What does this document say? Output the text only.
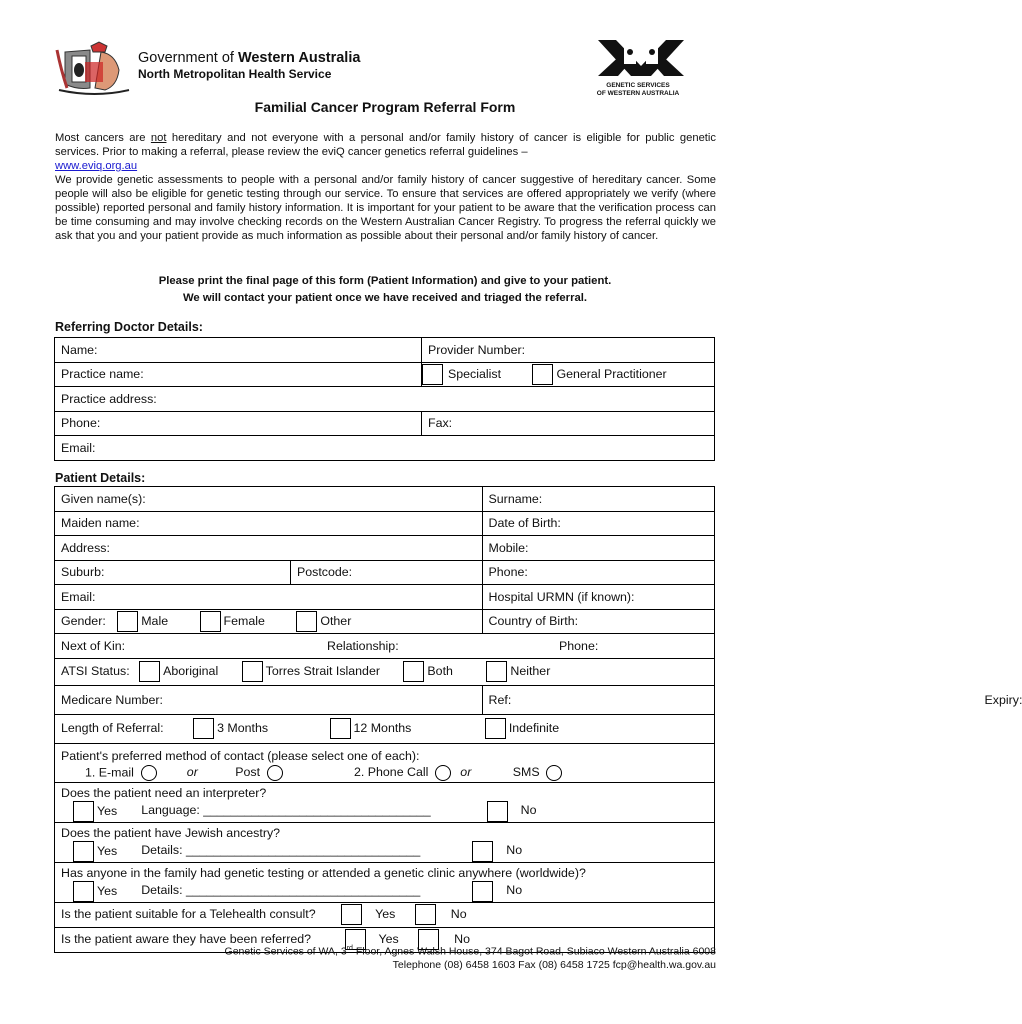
Government of Western Australia
North Metropolitan Health Service
GENETIC SERVICES
OF WESTERN AUSTRALIA
Familial Cancer Program Referral Form

Most cancers are not hereditary and not everyone with a personal and/or family history of cancer is eligible for public genetic services. Prior to making a referral, please review the eviQ cancer genetics referral guidelines –
www.eviq.org.au

We provide genetic assessments to people with a personal and/or family history of cancer suggestive of hereditary cancer. Some people will also be eligible for genetic testing through our service. To ensure that services are offered appropriately we verify (where possible) reported personal and family history information. It is important for your patient to be aware that the verification process can be time consuming and may involve checking records on the Western Australian Cancer Registry. To progress the referral quickly we ask that you and your patient provide as much information as possible about their personal and/or family history of cancer.

Please print the final page of this form (Patient Information) and give to your patient.
We will contact your patient once we have received and triaged the referral.
Referring Doctor Details:
Name:	Provider Number:
Practice name:	Specialist General Practitioner
Practice address:	
Phone:	Fax:
Email:	
Patient Details:
Given name(s):		Surname:
Maiden name:		Date of Birth:
Address:		Mobile:
Suburb:	Postcode:	Phone:
Email:		Hospital URMN (if known):
Gender: Male Female Other		Country of Birth:
Next of Kin: Relationship: Phone:		

ATSI Status: Aboriginal Torres Strait Islander Both Neither		
Medicare Number:		Ref: Expiry:

Length of Referral: 3 Months 12 Months Indefinite		
Patient's preferred method of contact (please select one of each):		
1. E-mail or Post 2. Phone Call or SMS		

Does the patient need an interpreter?
Yes Language: _________________________________ No		

Does the patient have Jewish ancestry?
Yes Details: __________________________________ No		

Has anyone in the family had genetic testing or attended a genetic clinic anywhere (worldwide)?
Yes Details: __________________________________ No		

Is the patient suitable for a Telehealth consult? Yes No		
Is the patient aware they have been referred? Yes No		
Genetic Services of WA, 3rd Floor, Agnes Walsh House, 374 Bagot Road, Subiaco Western Australia 6008
Telephone (08) 6458 1603 Fax (08) 6458 1725 fcp@health.wa.gov.au
